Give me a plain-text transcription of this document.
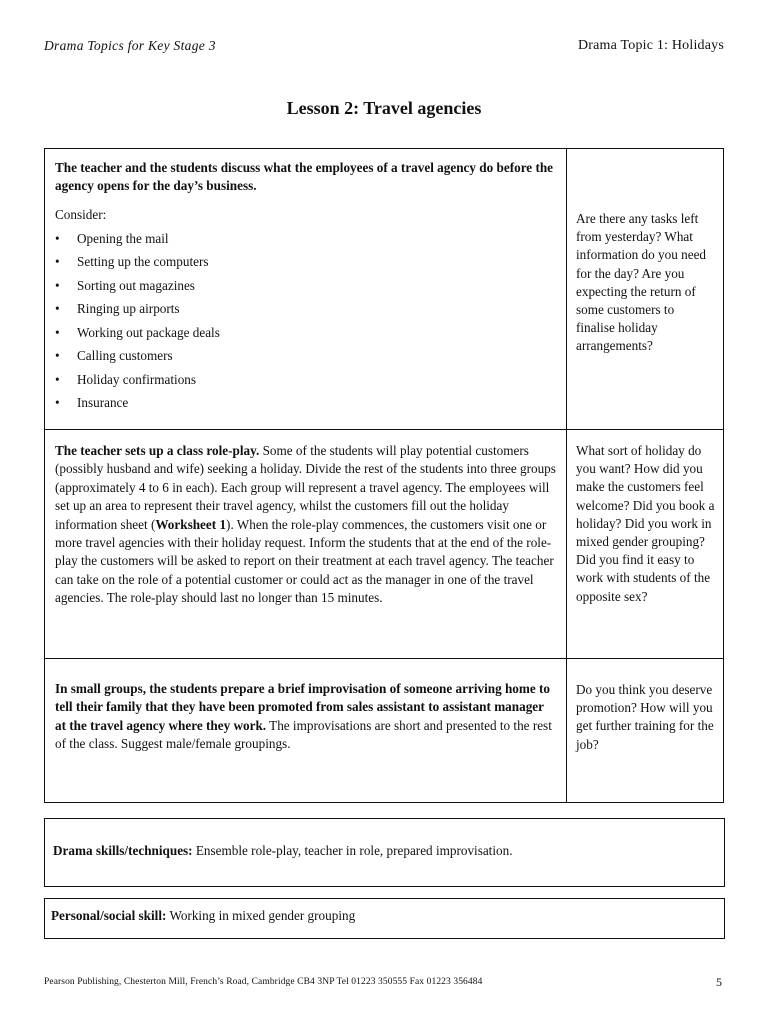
Drama Topics for Key Stage 3	Drama Topic 1: Holidays
Lesson 2: Travel agencies
The teacher and the students discuss what the employees of a travel agency do before the agency opens for the day’s business.
Consider:
• Opening the mail
• Setting up the computers
• Sorting out magazines
• Ringing up airports
• Working out package deals
• Calling customers
• Holiday confirmations
• Insurance
Are there any tasks left from yesterday? What information do you need for the day? Are you expecting the return of some customers to finalise holiday arrangements?
The teacher sets up a class role-play. Some of the students will play potential customers (possibly husband and wife) seeking a holiday. Divide the rest of the students into three groups (approximately 4 to 6 in each). Each group will represent a travel agency. The employees will set up an area to represent their travel agency, whilst the customers fill out the holiday information sheet (Worksheet 1). When the role-play commences, the customers visit one or more travel agencies with their holiday request. Inform the students that at the end of the role-play the customers will be asked to report on their treatment at each travel agency. The teacher can take on the role of a potential customer or could act as the manager in one of the travel agencies. The role-play should last no longer than 15 minutes.
What sort of holiday do you want? How did you make the customers feel welcome? Did you book a holiday? Did you work in mixed gender grouping? Did you find it easy to work with students of the opposite sex?
In small groups, the students prepare a brief improvisation of someone arriving home to tell their family that they have been promoted from sales assistant to assistant manager at the travel agency where they work. The improvisations are short and presented to the rest of the class. Suggest male/female groupings.
Do you think you deserve promotion? How will you get further training for the job?
Drama skills/techniques: Ensemble role-play, teacher in role, prepared improvisation.
Personal/social skill: Working in mixed gender grouping
Pearson Publishing, Chesterton Mill, French’s Road, Cambridge CB4 3NP Tel 01223 350555 Fax 01223 356484	5
